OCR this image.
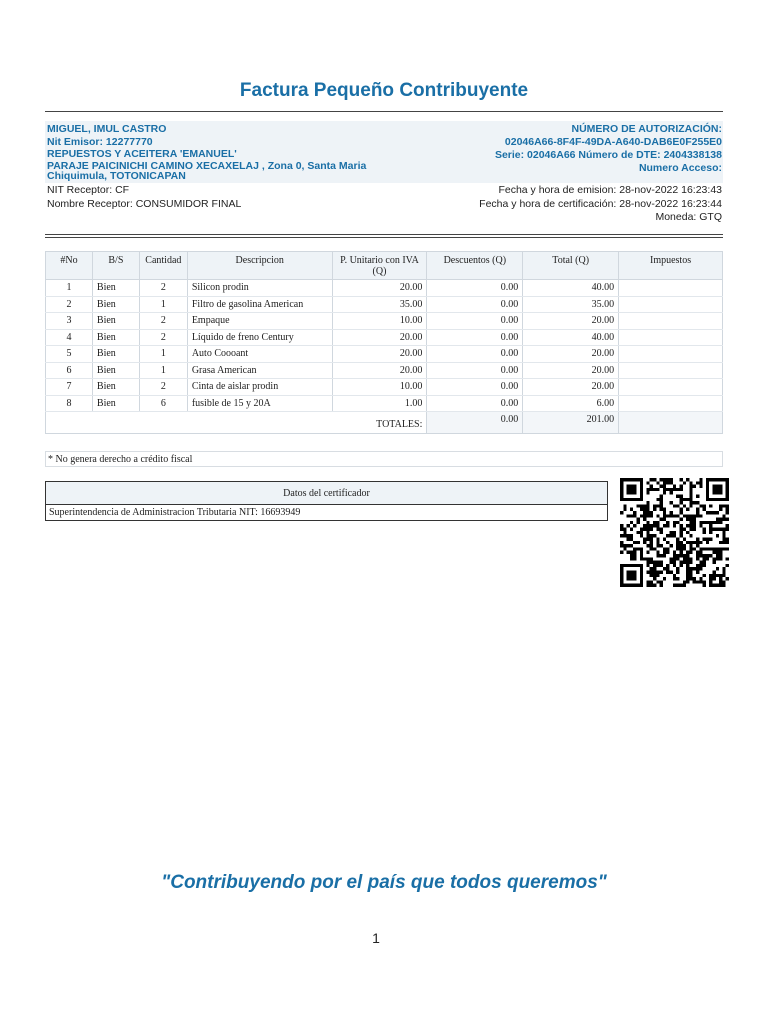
Factura Pequeño Contribuyente
MIGUEL, IMUL CASTRO
Nit Emisor: 12277770
REPUESTOS Y ACEITERA 'EMANUEL'
PARAJE PAICINICHI CAMINO XECAXELAJ , Zona 0, Santa Maria
Chiquimula, TOTONICAPAN
NÚMERO DE AUTORIZACIÓN:
02046A66-8F4F-49DA-A640-DAB6E0F255E0
Serie: 02046A66 Número de DTE: 2404338138
Numero Acceso:
NIT Receptor: CF
Nombre Receptor: CONSUMIDOR FINAL
Fecha y hora de emision: 28-nov-2022 16:23:43
Fecha y hora de certificación: 28-nov-2022 16:23:44
Moneda: GTQ
#No	B/S	Cantidad	Descripcion	P. Unitario con IVA (Q)	Descuentos (Q)	Total (Q)	Impuestos
1	Bien	2	Silicon prodin	20.00	0.00	40.00	
2	Bien	1	Filtro de gasolina American	35.00	0.00	35.00	
3	Bien	2	Empaque	10.00	0.00	20.00	
4	Bien	2	Líquido de freno Century	20.00	0.00	40.00	
5	Bien	1	Auto Coooant	20.00	0.00	20.00	
6	Bien	1	Grasa American	20.00	0.00	20.00	
7	Bien	2	Cinta de aislar prodin	10.00	0.00	20.00	
8	Bien	6	fusible de 15 y 20A	1.00	0.00	6.00	
TOTALES:					0.00	201.00	
* No genera derecho a crédito fiscal
Datos del certificador
Superintendencia de Administracion Tributaria NIT: 16693949
"Contribuyendo por el país que todos queremos"
1
